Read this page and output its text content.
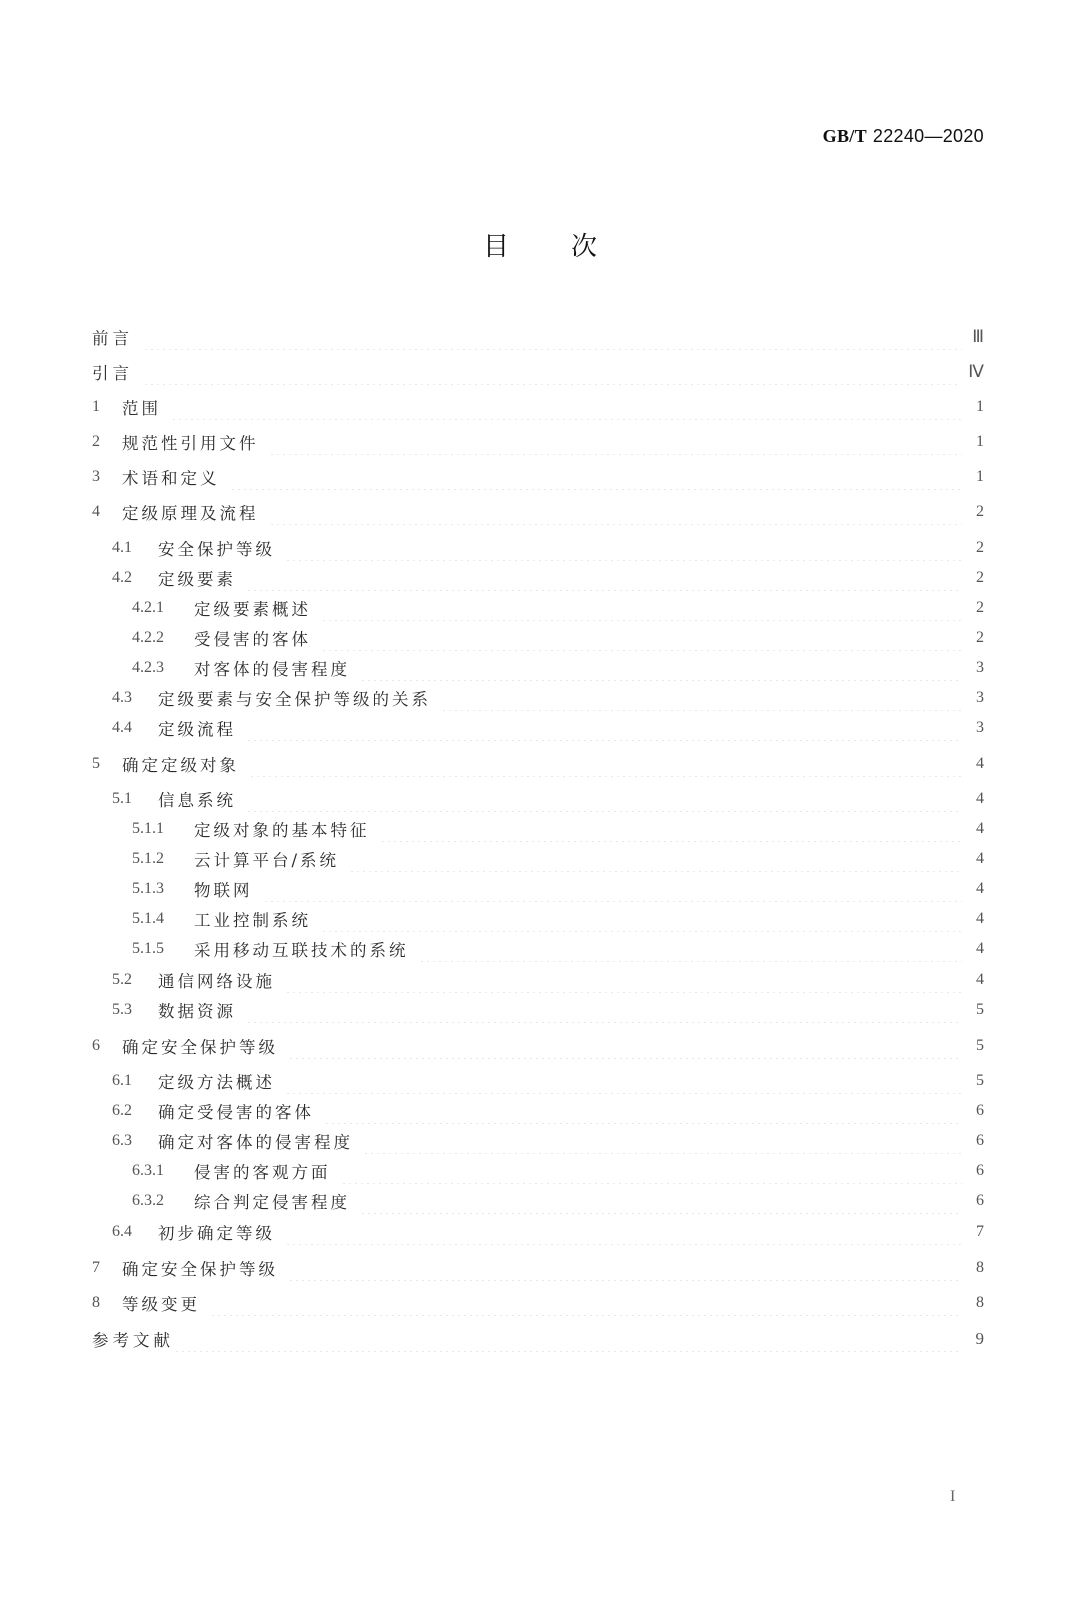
GB/T 22240—2020
目 次
前言	Ⅲ
引言	Ⅳ
1	范围	1
2	规范性引用文件	1
3	术语和定义	1
4	定级原理及流程	2
4.1	安全保护等级	2
4.2	定级要素	2
4.2.1	定级要素概述	2
4.2.2	受侵害的客体	2
4.2.3	对客体的侵害程度	3
4.3	定级要素与安全保护等级的关系	3
4.4	定级流程	3
5	确定定级对象	4
5.1	信息系统	4
5.1.1	定级对象的基本特征	4
5.1.2	云计算平台/系统	4
5.1.3	物联网	4
5.1.4	工业控制系统	4
5.1.5	采用移动互联技术的系统	4
5.2	通信网络设施	4
5.3	数据资源	5
6	确定安全保护等级	5
6.1	定级方法概述	5
6.2	确定受侵害的客体	6
6.3	确定对客体的侵害程度	6
6.3.1	侵害的客观方面	6
6.3.2	综合判定侵害程度	6
6.4	初步确定等级	7
7	确定安全保护等级	8
8	等级变更	8
参考文献	9
I
